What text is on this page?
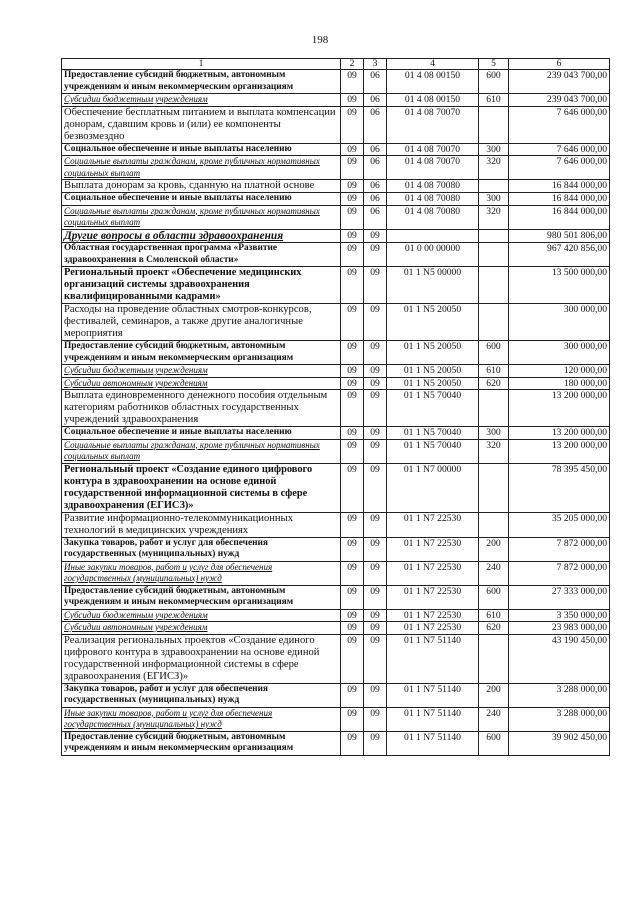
198
1	2	3	4	5	6
Предоставление субсидий бюджетным, автономным учреждениям и иным некоммерческим организациям	09	06	01 4 08 00150	600	239 043 700,00
Субсидии бюджетным учреждениям	09	06	01 4 08 00150	610	239 043 700,00
Обеспечение бесплатным питанием и выплата компенсации донорам, сдавшим кровь и (или) ее компоненты безвозмездно	09	06	01 4 08 70070		7 646 000,00
Социальное обеспечение и иные выплаты населению	09	06	01 4 08 70070	300	7 646 000,00
Социальные выплаты гражданам, кроме публичных нормативных социальных выплат	09	06	01 4 08 70070	320	7 646 000,00
Выплата донорам за кровь, сданную на платной основе	09	06	01 4 08 70080		16 844 000,00
Социальное обеспечение и иные выплаты населению	09	06	01 4 08 70080	300	16 844 000,00
Социальные выплаты гражданам, кроме публичных нормативных социальных выплат	09	06	01 4 08 70080	320	16 844 000,00
Другие вопросы в области здравоохранения	09	09			980 501 806,00
Областная государственная программа «Развитие здравоохранения в Смоленской области»	09	09	01 0 00 00000		967 420 856,00
Региональный проект «Обеспечение медицинских организаций системы здравоохранения квалифицированными кадрами»	09	09	01 1 N5 00000		13 500 000,00
Расходы на проведение областных смотров-конкурсов, фестивалей, семинаров, а также другие аналогичные мероприятия	09	09	01 1 N5 20050		300 000,00
Предоставление субсидий бюджетным, автономным учреждениям и иным некоммерческим организациям	09	09	01 1 N5 20050	600	300 000,00
Субсидии бюджетным учреждениям	09	09	01 1 N5 20050	610	120 000,00
Субсидии автономным учреждениям	09	09	01 1 N5 20050	620	180 000,00
Выплата единовременного денежного пособия отдельным категориям работников областных государственных учреждений здравоохранения	09	09	01 1 N5 70040		13 200 000,00
Социальное обеспечение и иные выплаты населению	09	09	01 1 N5 70040	300	13 200 000,00
Социальные выплаты гражданам, кроме публичных нормативных социальных выплат	09	09	01 1 N5 70040	320	13 200 000,00
Региональный проект «Создание единого цифрового контура в здравоохранении на основе единой государственной информационной системы в сфере здравоохранения (ЕГИСЗ)»	09	09	01 1 N7 00000		78 395 450,00
Развитие информационно-телекоммуникационных технологий в медицинских учреждениях	09	09	01 1 N7 22530		35 205 000,00
Закупка товаров, работ и услуг для обеспечения государственных (муниципальных) нужд	09	09	01 1 N7 22530	200	7 872 000,00
Иные закупки товаров, работ и услуг для обеспечения государственных (муниципальных) нужд	09	09	01 1 N7 22530	240	7 872 000,00
Предоставление субсидий бюджетным, автономным учреждениям и иным некоммерческим организациям	09	09	01 1 N7 22530	600	27 333 000,00
Субсидии бюджетным учреждениям	09	09	01 1 N7 22530	610	3 350 000,00
Субсидии автономным учреждениям	09	09	01 1 N7 22530	620	23 983 000,00
Реализация региональных проектов «Создание единого цифрового контура в здравоохранении на основе единой государственной информационной системы в сфере здравоохранения (ЕГИСЗ)»	09	09	01 1 N7 51140		43 190 450,00
Закупка товаров, работ и услуг для обеспечения государственных (муниципальных) нужд	09	09	01 1 N7 51140	200	3 288 000,00
Иные закупки товаров, работ и услуг для обеспечения государственных (муниципальных) нужд	09	09	01 1 N7 51140	240	3 288 000,00
Предоставление субсидий бюджетным, автономным учреждениям и иным некоммерческим организациям	09	09	01 1 N7 51140	600	39 902 450,00
